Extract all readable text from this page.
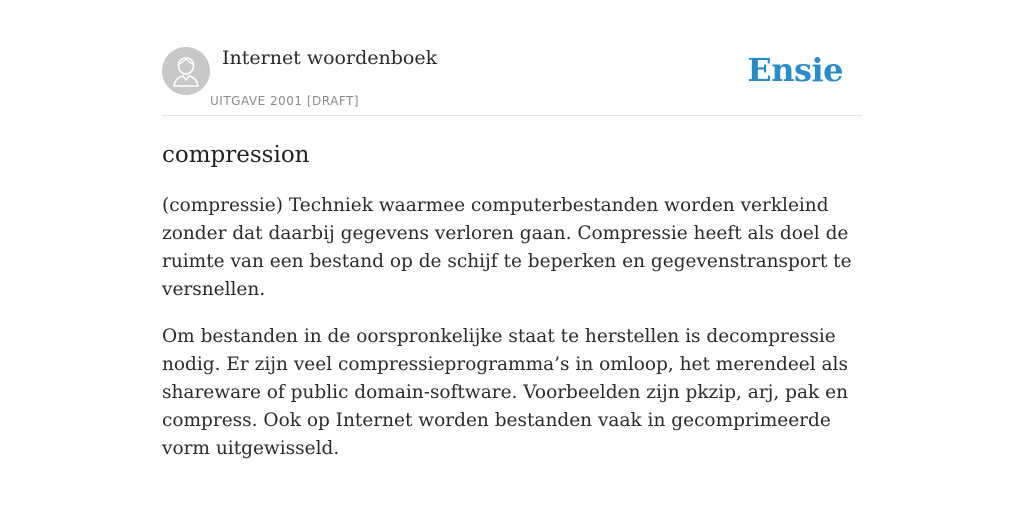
Internet woordenboek
UITGAVE 2001 [DRAFT]
Ensie
compression

(compressie) Techniek waarmee computerbestanden worden verkleind zonder dat daarbij gegevens verloren gaan. Compressie heeft als doel de ruimte van een bestand op de schijf te beperken en gegevenstransport te versnellen.

Om bestanden in de oorspronkelijke staat te herstellen is decompressie nodig. Er zijn veel compressieprogramma’s in omloop, het merendeel als shareware of public domain-software. Voorbeelden zijn pkzip, arj, pak en compress. Ook op Internet worden bestanden vaak in gecomprimeerde vorm uitgewisseld.
